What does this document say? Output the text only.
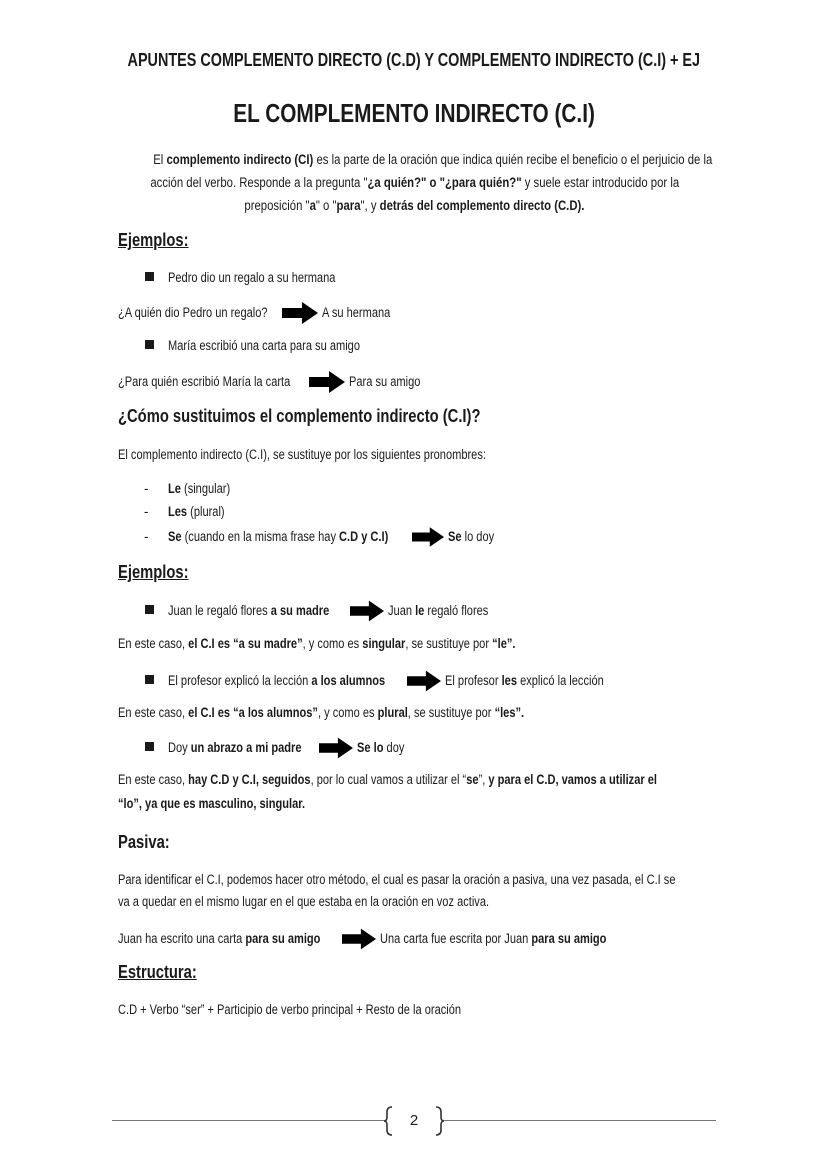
APUNTES COMPLEMENTO DIRECTO (C.D) Y COMPLEMENTO INDIRECTO (C.I) + EJ
EL COMPLEMENTO INDIRECTO (C.I)

El complemento indirecto (CI) es la parte de la oración que indica quién recibe el beneficio o el perjuicio de la

acción del verbo. Responde a la pregunta "¿a quién?" o "¿para quién?" y suele estar introducido por la

preposición "a" o "para", y detrás del complemento directo (C.D).

Ejemplos:
Pedro dio un regalo a su hermana
¿A quién dio Pedro un regalo?	A su hermana
María escribió una carta para su amigo
¿Para quién escribió María la carta	Para su amigo
¿Cómo sustituimos el complemento indirecto (C.I)?
El complemento indirecto (C.I), se sustituye por los siguientes pronombres:
- Le (singular)
- Les (plural)
- Se (cuando en la misma frase hay C.D y C.I)	Se lo doy
Ejemplos:
Juan le regaló flores a su madre	Juan le regaló flores
En este caso, el C.I es “a su madre”, y como es singular, se sustituye por “le”.
El profesor explicó la lección a los alumnos	El profesor les explicó la lección
En este caso, el C.I es “a los alumnos”, y como es plural, se sustituye por “les”.
Doy un abrazo a mi padre	Se lo doy
En este caso, hay C.D y C.I, seguidos, por lo cual vamos a utilizar el “se”, y para el C.D, vamos a utilizar el
“lo”, ya que es masculino, singular.
Pasiva:
Para identificar el C.I, podemos hacer otro método, el cual es pasar la oración a pasiva, una vez pasada, el C.I se
va a quedar en el mismo lugar en el que estaba en la oración en voz activa.
Juan ha escrito una carta para su amigo	Una carta fue escrita por Juan para su amigo
Estructura:
C.D + Verbo “ser” + Participio de verbo principal + Resto de la oración
2
